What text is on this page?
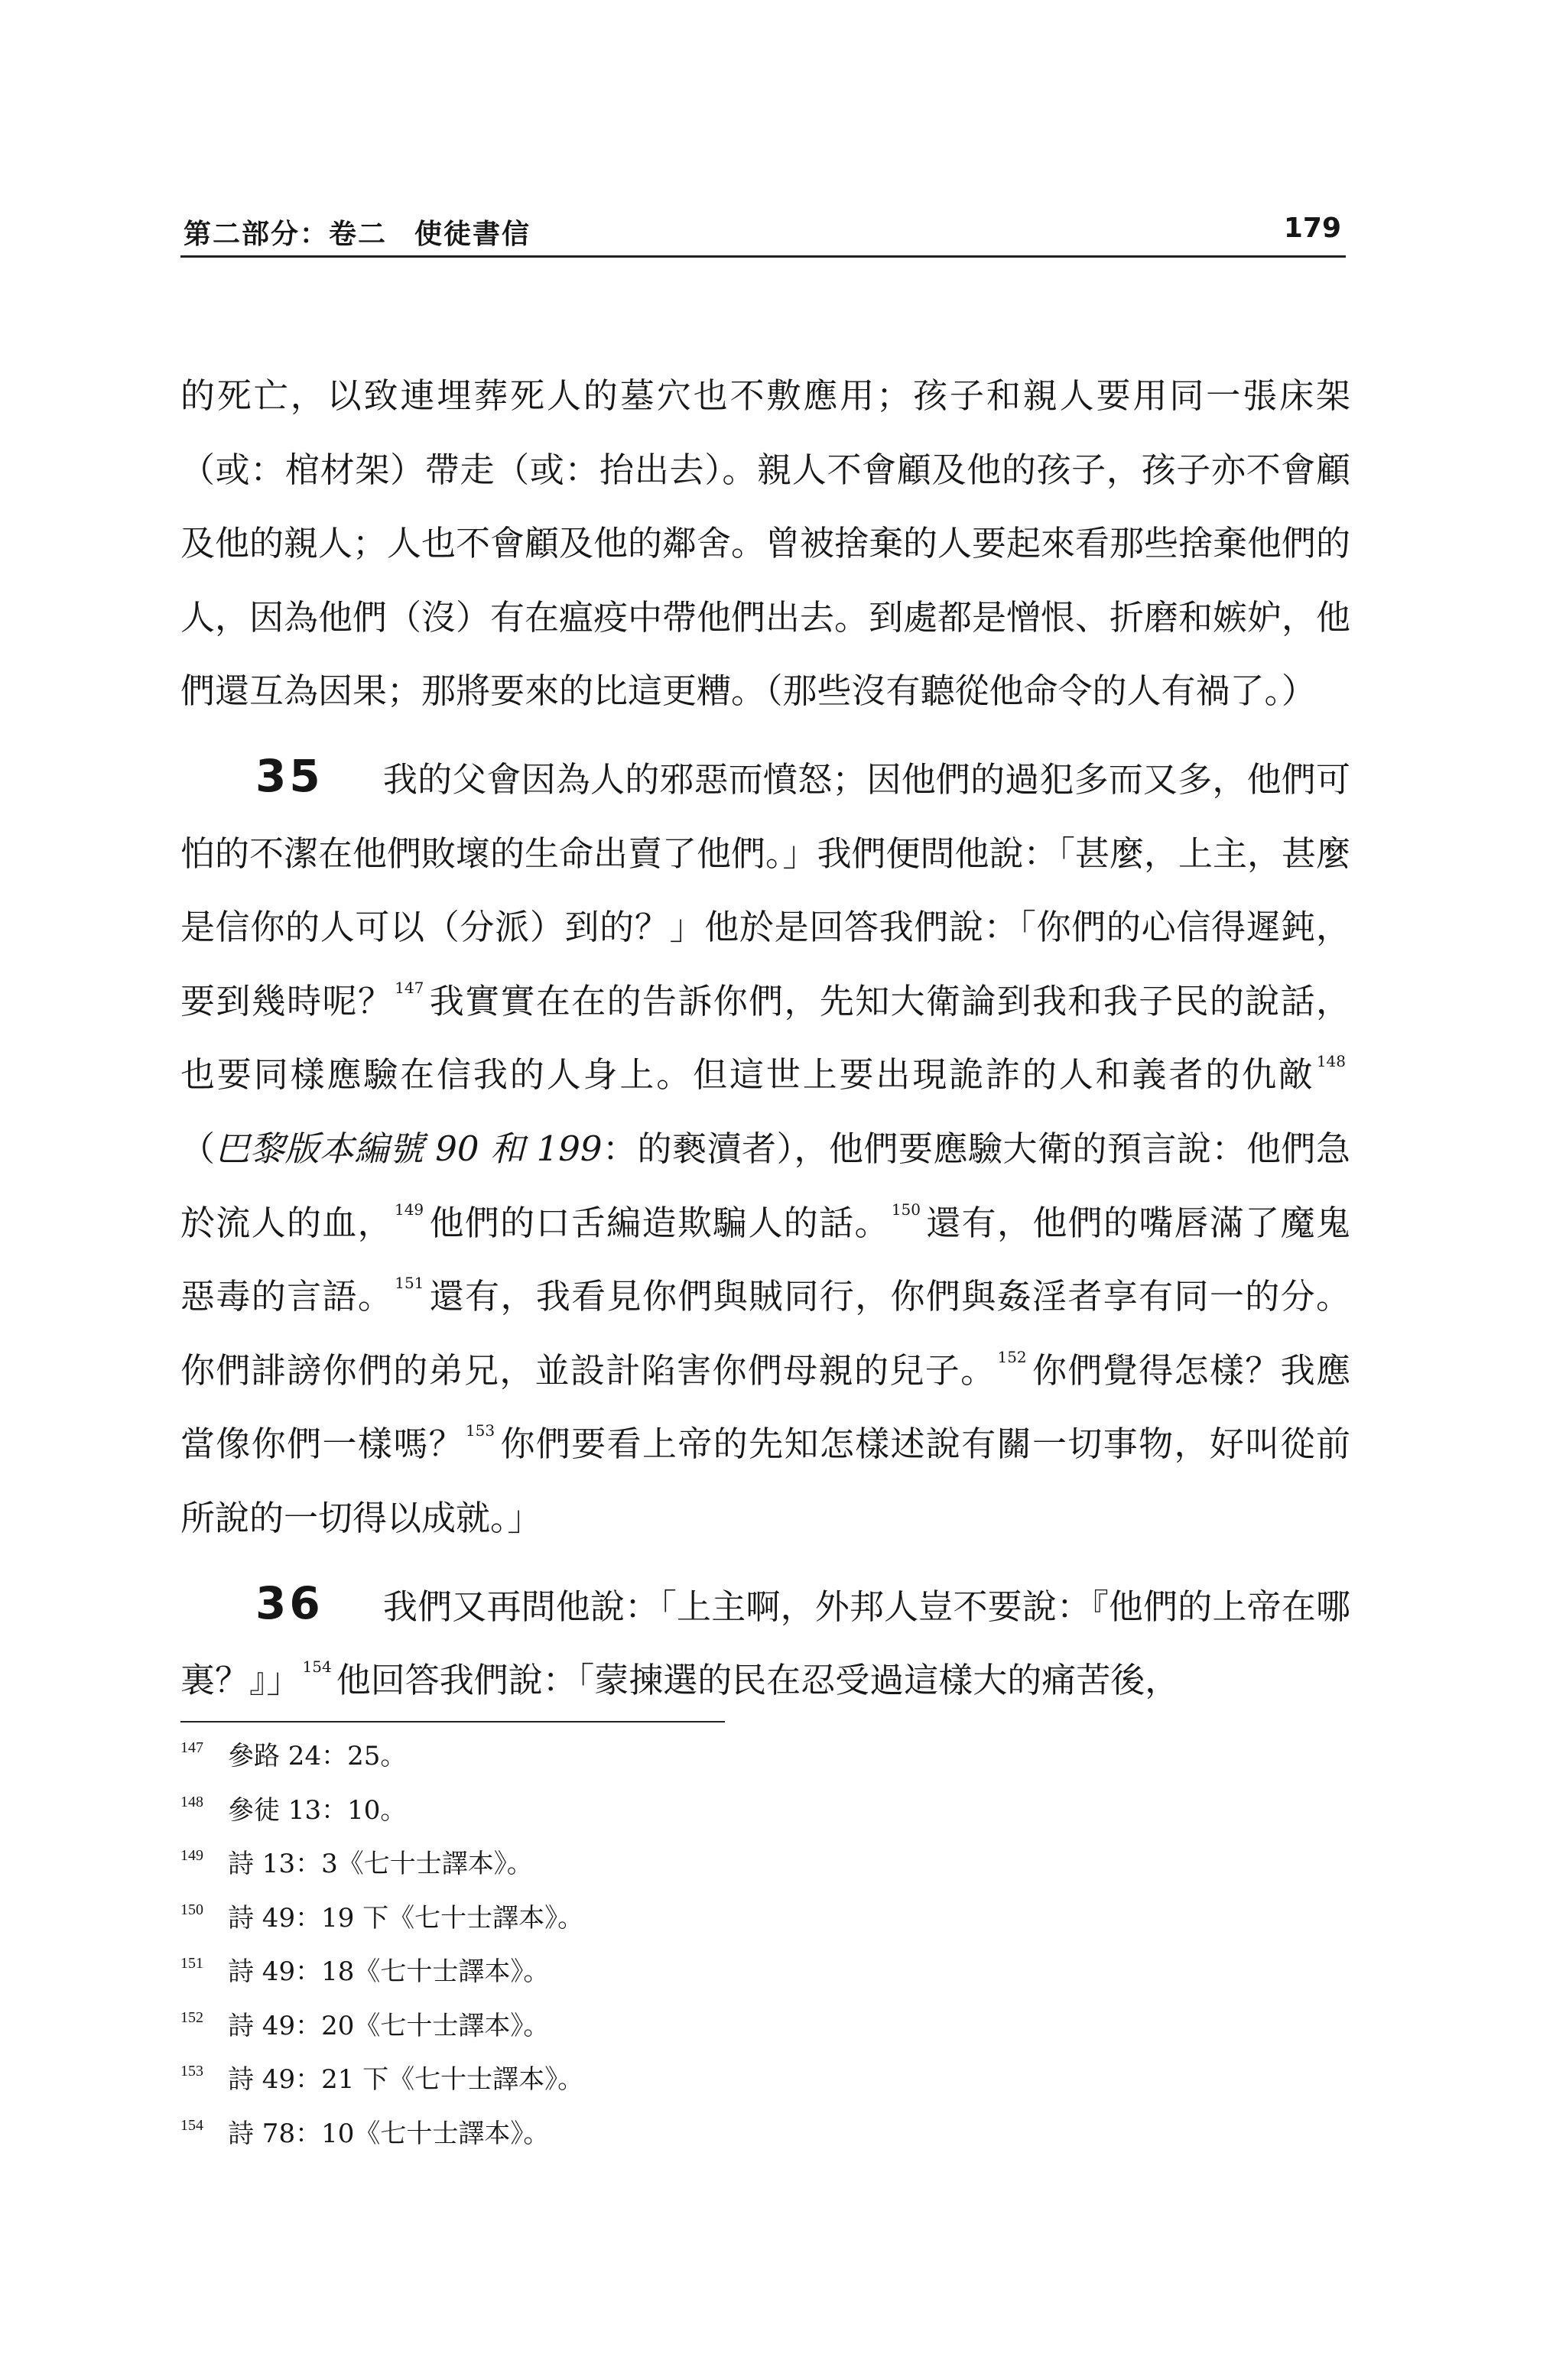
第二部分：卷二 使徒書信	179

的死亡，以致連埋葬死人的墓穴也不敷應用；孩子和親人要用同一張床架（或：棺材架）帶走（或：抬出去）。親人不會顧及他的孩子，孩子亦不會顧及他的親人；人也不會顧及他的鄰舍。曾被捨棄的人要起來看那些捨棄他們的人，因為他們（沒）有在瘟疫中帶他們出去。到處都是憎恨、折磨和嫉妒，他們還互為因果；那將要來的比這更糟。（那些沒有聽從他命令的人有禍了。）

35 我的父會因為人的邪惡而憤怒；因他們的過犯多而又多，他們可怕的不潔在他們敗壞的生命出賣了他們。」我們便問他說：「甚麼，上主，甚麼是信你的人可以（分派）到的？」他於是回答我們說：「你們的心信得遲鈍，要到幾時呢？ $^{147}$ 我實實在在的告訴你們，先知大衛論到我和我子民的說話，也要同樣應驗在信我的人身上。但這世上要出現詭詐的人和義者的仇敵 $^{148}$（巴黎版本編號 90 和 199：的褻瀆者），他們要應驗大衛的預言說：他們急於流人的血， $^{149}$ 他們的口舌編造欺騙人的話。 $^{150}$ 還有，他們的嘴唇滿了魔鬼惡毒的言語。 $^{151}$ 還有，我看見你們與賊同行，你們與姦淫者享有同一的分。你們誹謗你們的弟兄，並設計陷害你們母親的兒子。 $^{152}$ 你們覺得怎樣？我應當像你們一樣嗎？ $^{153}$ 你們要看上帝的先知怎樣述說有關一切事物，好叫從前所說的一切得以成就。」

36 我們又再問他說：「上主啊，外邦人豈不要說：『他們的上帝在哪裏？』」 $^{154}$ 他回答我們說：「蒙揀選的民在忍受過這樣大的痛苦後，

147 參路 24：25。
148 參徒 13：10。
149 詩 13：3《七十士譯本》。
150 詩 49：19 下《七十士譯本》。
151 詩 49：18《七十士譯本》。
152 詩 49：20《七十士譯本》。
153 詩 49：21 下《七十士譯本》。
154 詩 78：10《七十士譯本》。
